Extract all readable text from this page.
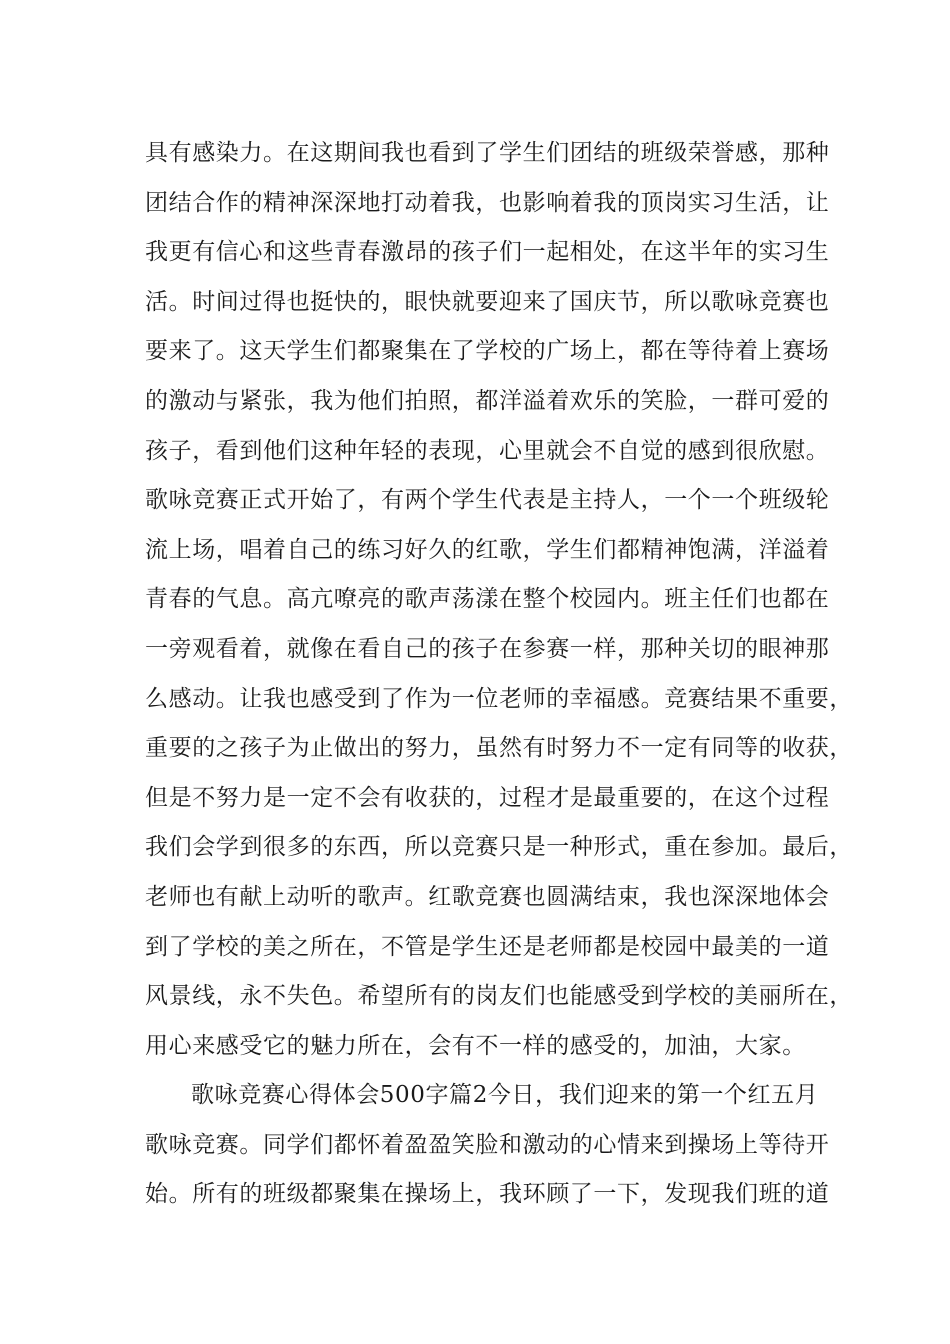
具有感染力。在这期间我也看到了学生们团结的班级荣誉感，那种
团结合作的精神深深地打动着我，也影响着我的顶岗实习生活，让
我更有信心和这些青春激昂的孩子们一起相处，在这半年的实习生
活。时间过得也挺快的，眼快就要迎来了国庆节，所以歌咏竞赛也
要来了。这天学生们都聚集在了学校的广场上，都在等待着上赛场
的激动与紧张，我为他们拍照，都洋溢着欢乐的笑脸，一群可爱的
孩子，看到他们这种年轻的表现，心里就会不自觉的感到很欣慰。
歌咏竞赛正式开始了，有两个学生代表是主持人，一个一个班级轮
流上场，唱着自己的练习好久的红歌，学生们都精神饱满，洋溢着
青春的气息。高亢嘹亮的歌声荡漾在整个校园内。班主任们也都在
一旁观看着，就像在看自己的孩子在参赛一样，那种关切的眼神那
么感动。让我也感受到了作为一位老师的幸福感。竞赛结果不重要，
重要的之孩子为止做出的努力，虽然有时努力不一定有同等的收获，
但是不努力是一定不会有收获的，过程才是最重要的，在这个过程
我们会学到很多的东西，所以竞赛只是一种形式，重在参加。最后，
老师也有献上动听的歌声。红歌竞赛也圆满结束，我也深深地体会
到了学校的美之所在，不管是学生还是老师都是校园中最美的一道
风景线，永不失色。希望所有的岗友们也能感受到学校的美丽所在，
用心来感受它的魅力所在，会有不一样的感受的，加油，大家。
歌咏竞赛心得体会500字篇2今日，我们迎来的第一个红五月
歌咏竞赛。同学们都怀着盈盈笑脸和激动的心情来到操场上等待开
始。所有的班级都聚集在操场上，我环顾了一下，发现我们班的道
